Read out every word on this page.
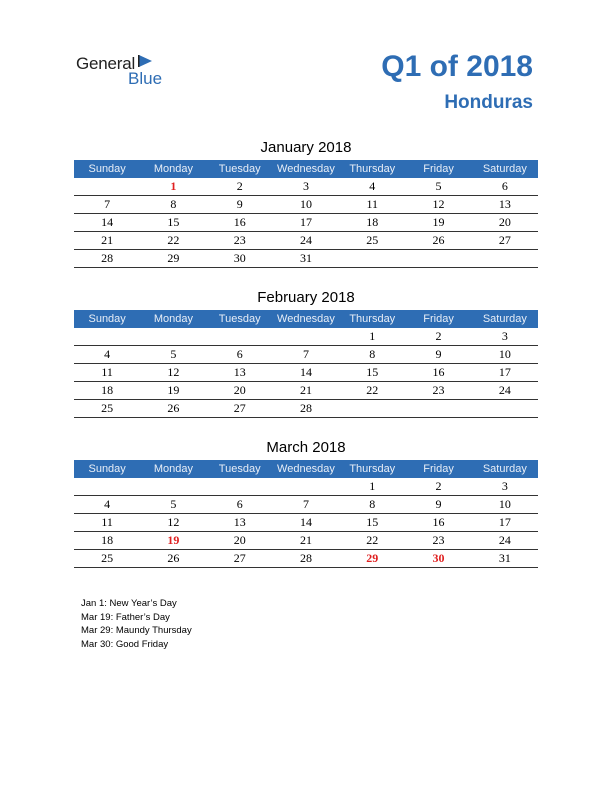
General
Blue	Q1 of 2018
Honduras
January 2018
Sunday	Monday	Tuesday	Wednesday	Thursday	Friday	Saturday
	1	2	3	4	5	6
7	8	9	10	11	12	13
14	15	16	17	18	19	20
21	22	23	24	25	26	27
28	29	30	31			
February 2018
Sunday	Monday	Tuesday	Wednesday	Thursday	Friday	Saturday
				1	2	3
4	5	6	7	8	9	10
11	12	13	14	15	16	17
18	19	20	21	22	23	24
25	26	27	28			
March 2018
Sunday	Monday	Tuesday	Wednesday	Thursday	Friday	Saturday
				1	2	3
4	5	6	7	8	9	10
11	12	13	14	15	16	17
18	19	20	21	22	23	24
25	26	27	28	29	30	31
Jan 1: New Year’s Day
Mar 19: Father’s Day
Mar 29: Maundy Thursday
Mar 30: Good Friday
